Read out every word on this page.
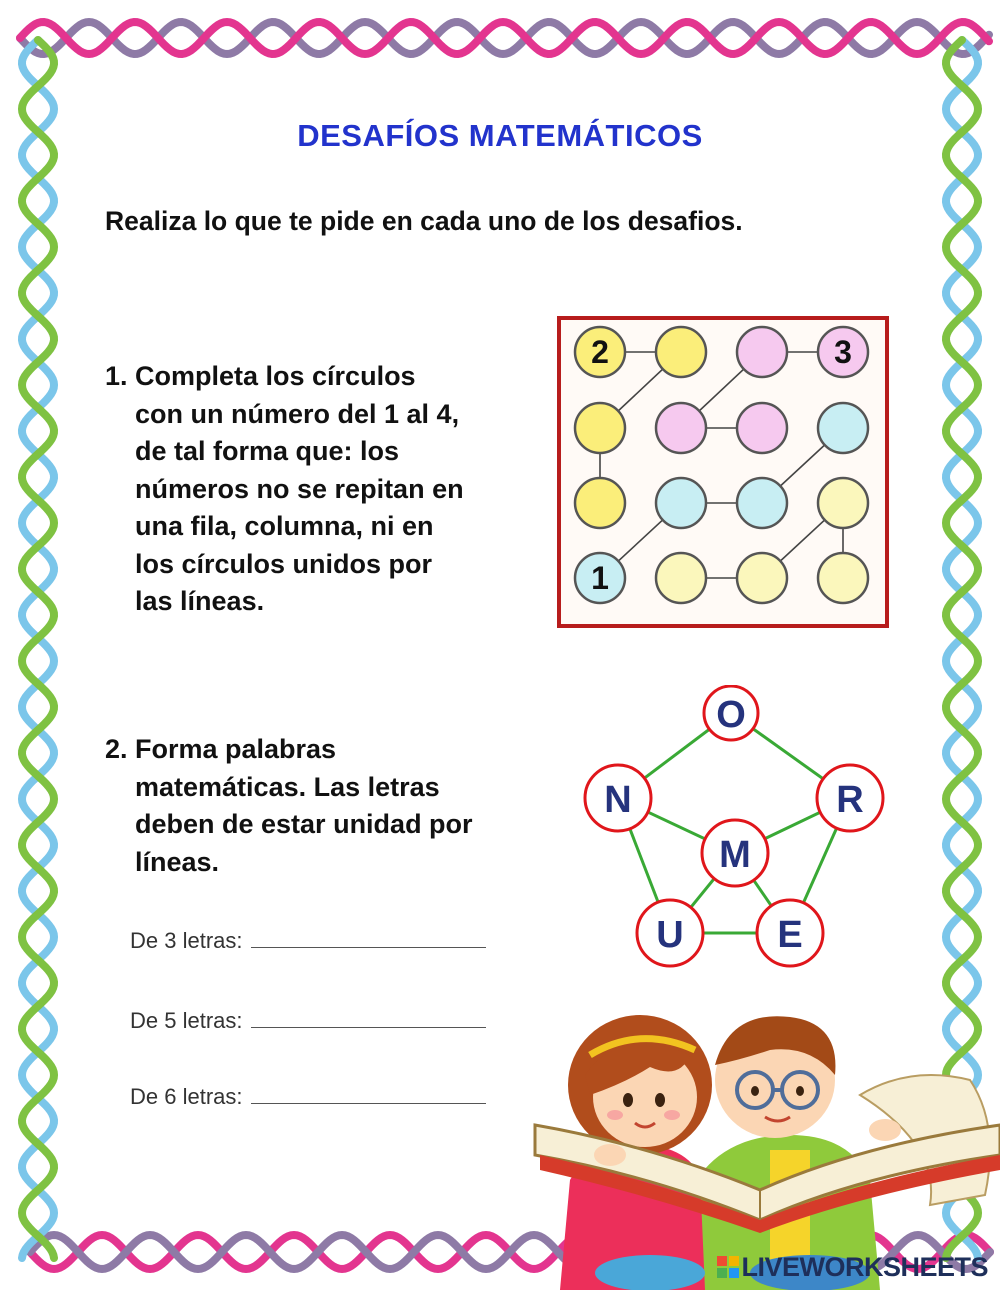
DESAFÍOS MATEMÁTICOS
Realiza lo que te pide en cada uno de los desafios.
1. Completa los círculos
con un número del 1 al 4,
de tal forma que: los
números no se repitan en
una fila, columna, ni en
los círculos unidos por
las líneas.
2	3
1
2. Forma palabras
matemáticas. Las letras
deben de estar unidad por
líneas.
O
N	R
M
U E
De 3 letras:
De 5 letras:
De 6 letras:
LIVEWORKSHEETS
